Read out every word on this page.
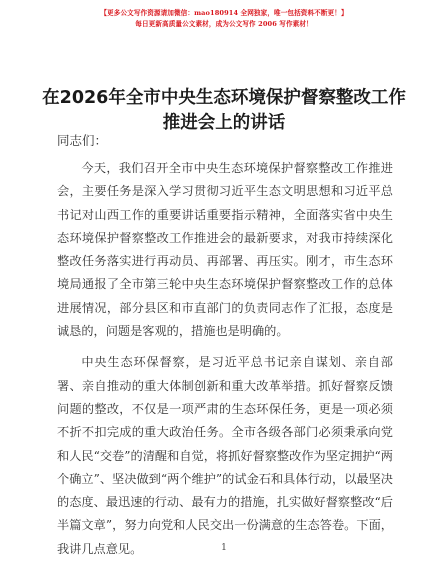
【更多公文写作资源请加微信：mao180914 全网独家，唯一包括资料不断更！】
每日更新高质量公文素材，成为公文写作 2006 写作素材！
在2026年全市中央生态环境保护督察整改工作
推进会上的讲话
同志们：

今天，我们召开全市中央生态环境保护督察整改工作推进会，主要任务是深入学习贯彻习近平生态文明思想和习近平总书记对山西工作的重要讲话重要指示精神，全面落实省中央生态环境保护督察整改工作推进会的最新要求，对我市持续深化整改任务落实进行再动员、再部署、再压实。刚才，市生态环境局通报了全市第三轮中央生态环境保护督察整改工作的总体进展情况，部分县区和市直部门的负责同志作了汇报，态度是诚恳的，问题是客观的，措施也是明确的。

中央生态环保督察，是习近平总书记亲自谋划、亲自部署、亲自推动的重大体制创新和重大改革举措。抓好督察反馈问题的整改，不仅是一项严肃的生态环保任务，更是一项必须不折不扣完成的重大政治任务。全市各级各部门必须秉承向党和人民“交卷”的清醒和自觉，将抓好督察整改作为坚定拥护“两个确立”、坚决做到“两个维护”的试金石和具体行动，以最坚决的态度、最迅速的行动、最有力的措施，扎实做好督察整改“后半篇文章”，努力向党和人民交出一份满意的生态答卷。下面，我讲几点意见。	1
